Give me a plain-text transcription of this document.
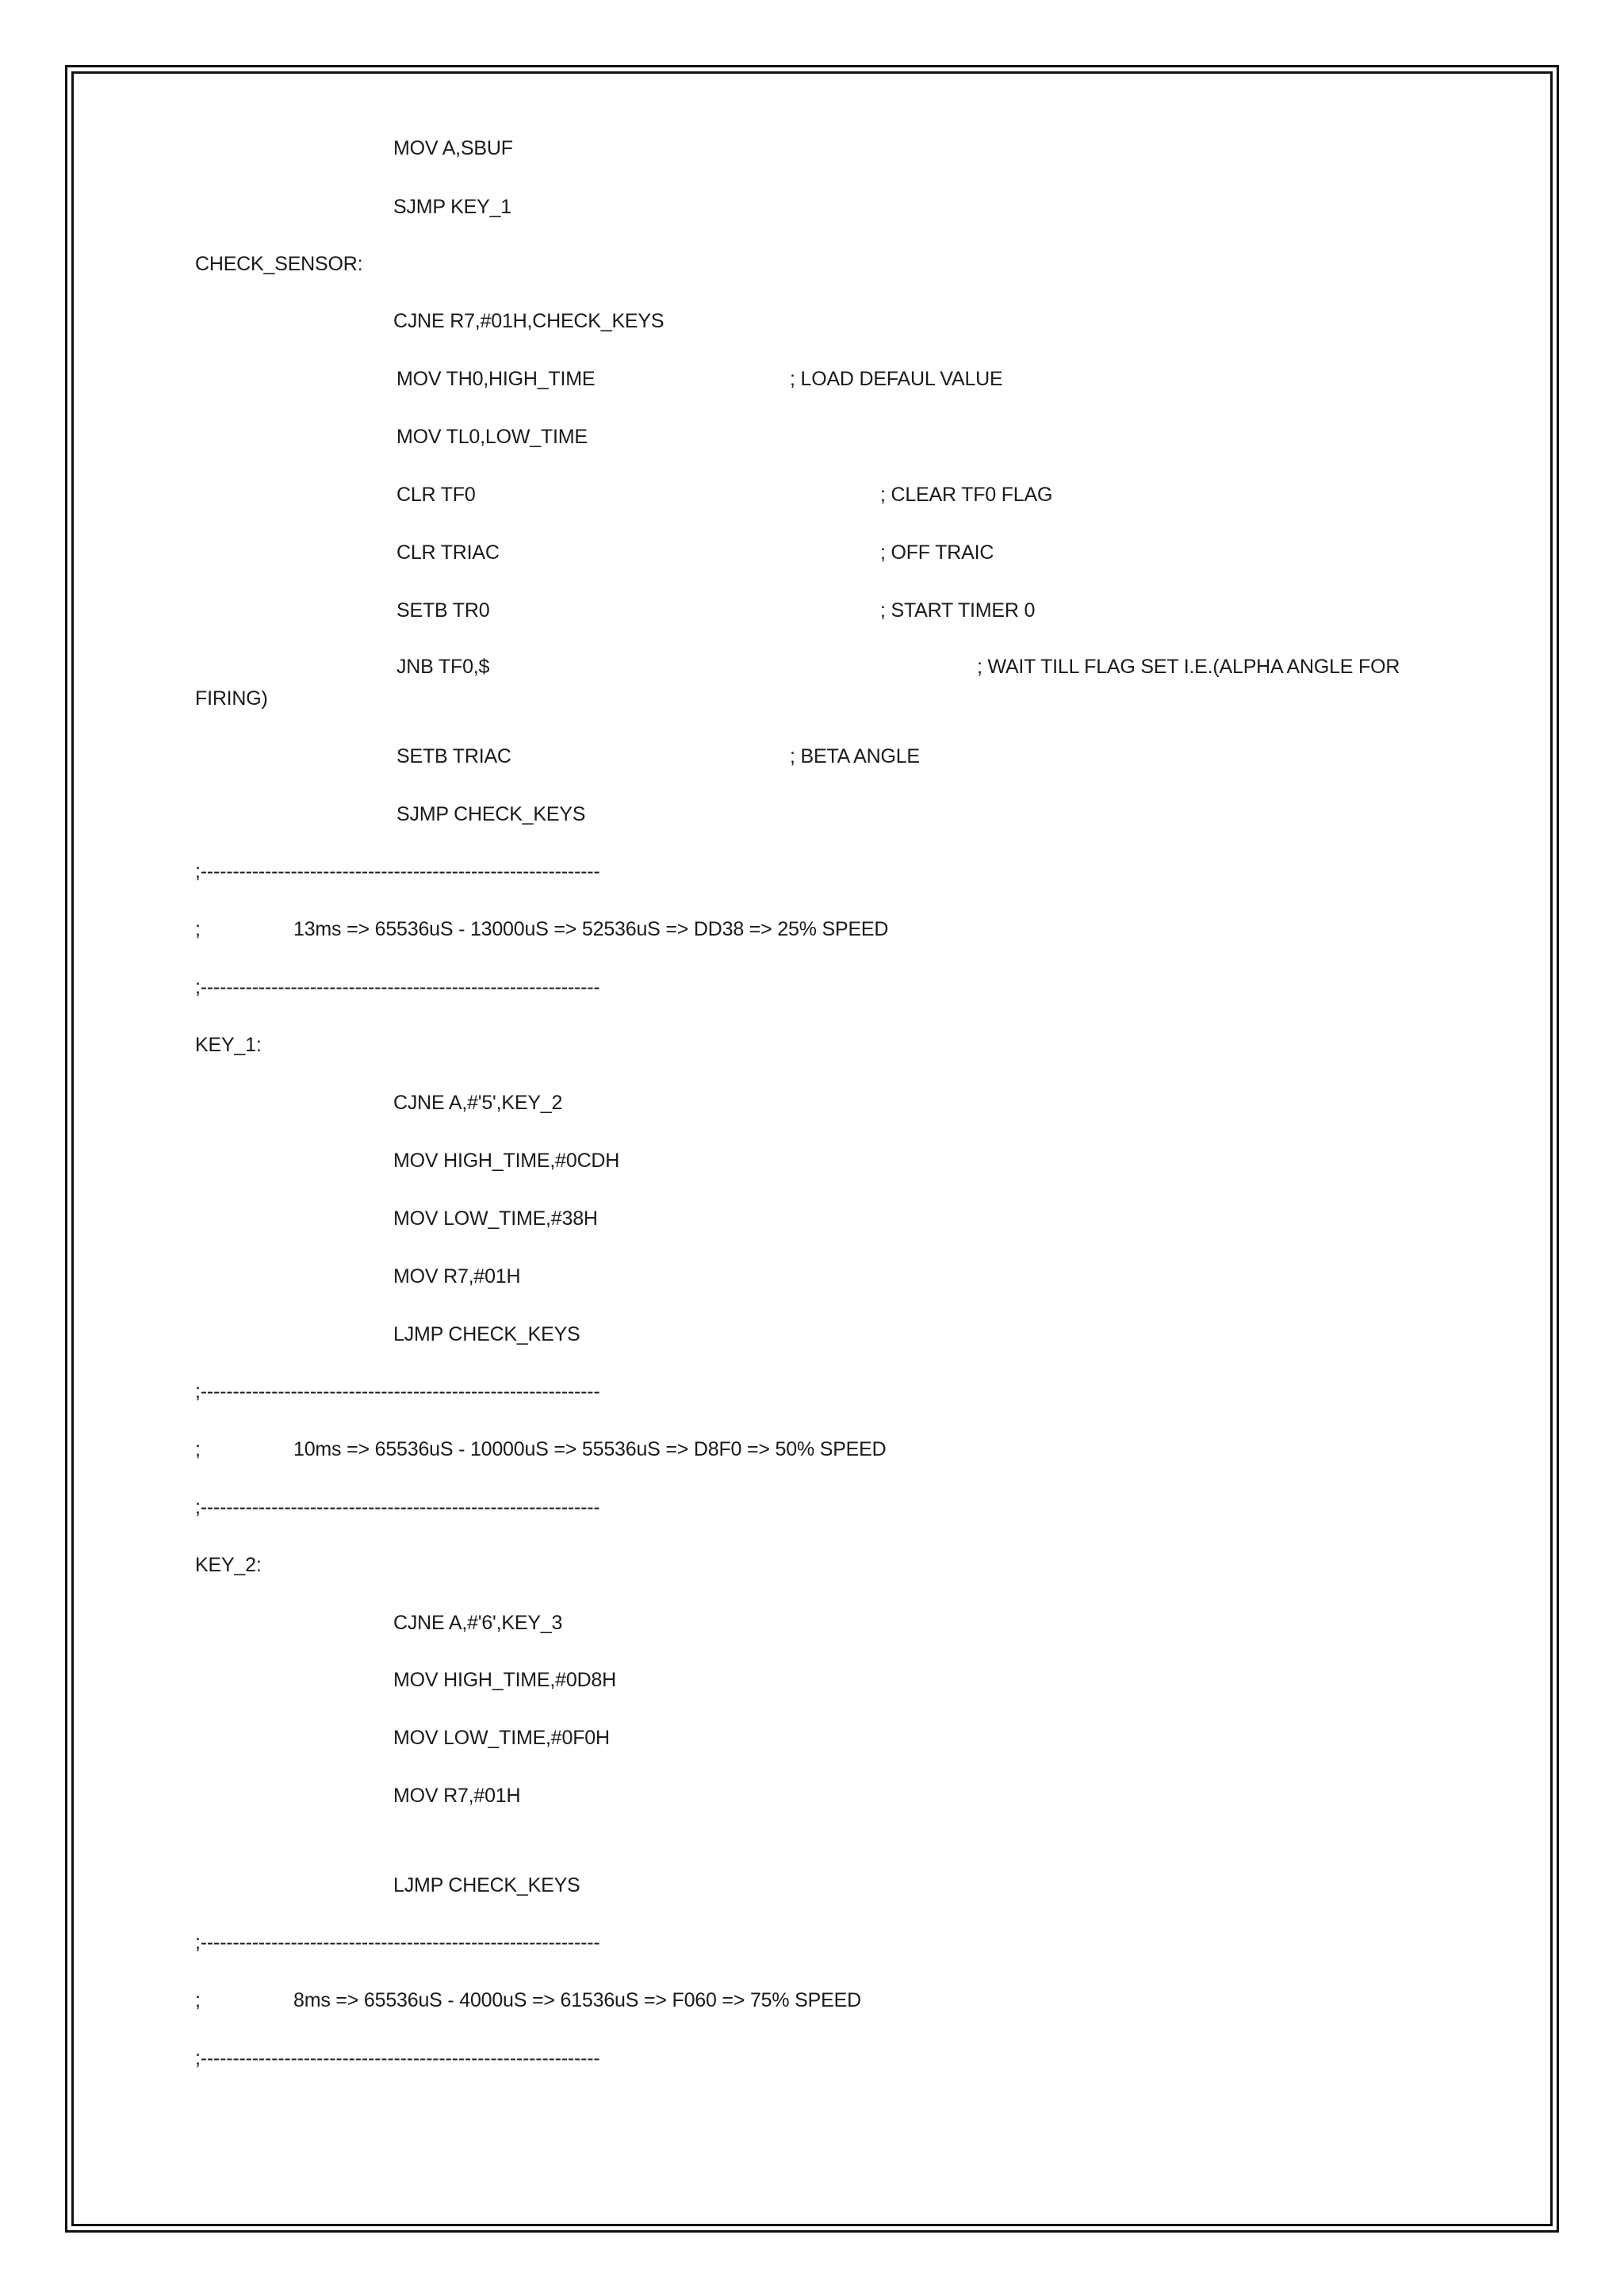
MOV A,SBUF
SJMP KEY_1
CHECK_SENSOR:
CJNE R7,#01H,CHECK_KEYS
MOV TH0,HIGH_TIME	; LOAD DEFAUL VALUE
MOV TL0,LOW_TIME
CLR TF0	; CLEAR TF0 FLAG
CLR TRIAC	; OFF TRAIC
SETB TR0	; START TIMER 0
JNB TF0,$	; WAIT TILL FLAG SET I.E.(ALPHA ANGLE FOR
FIRING)
SETB TRIAC	; BETA ANGLE
SJMP CHECK_KEYS
;--------------------------------------------------------------
;	13ms => 65536uS - 13000uS => 52536uS => DD38 => 25% SPEED
;--------------------------------------------------------------
KEY_1:
CJNE A,#'5',KEY_2
MOV HIGH_TIME,#0CDH
MOV LOW_TIME,#38H
MOV R7,#01H
LJMP CHECK_KEYS
;--------------------------------------------------------------
;	10ms => 65536uS - 10000uS => 55536uS => D8F0 => 50% SPEED
;--------------------------------------------------------------
KEY_2:
CJNE A,#'6',KEY_3
MOV HIGH_TIME,#0D8H
MOV LOW_TIME,#0F0H
MOV R7,#01H
LJMP CHECK_KEYS
;--------------------------------------------------------------
;	8ms => 65536uS - 4000uS => 61536uS => F060 => 75% SPEED
;--------------------------------------------------------------
